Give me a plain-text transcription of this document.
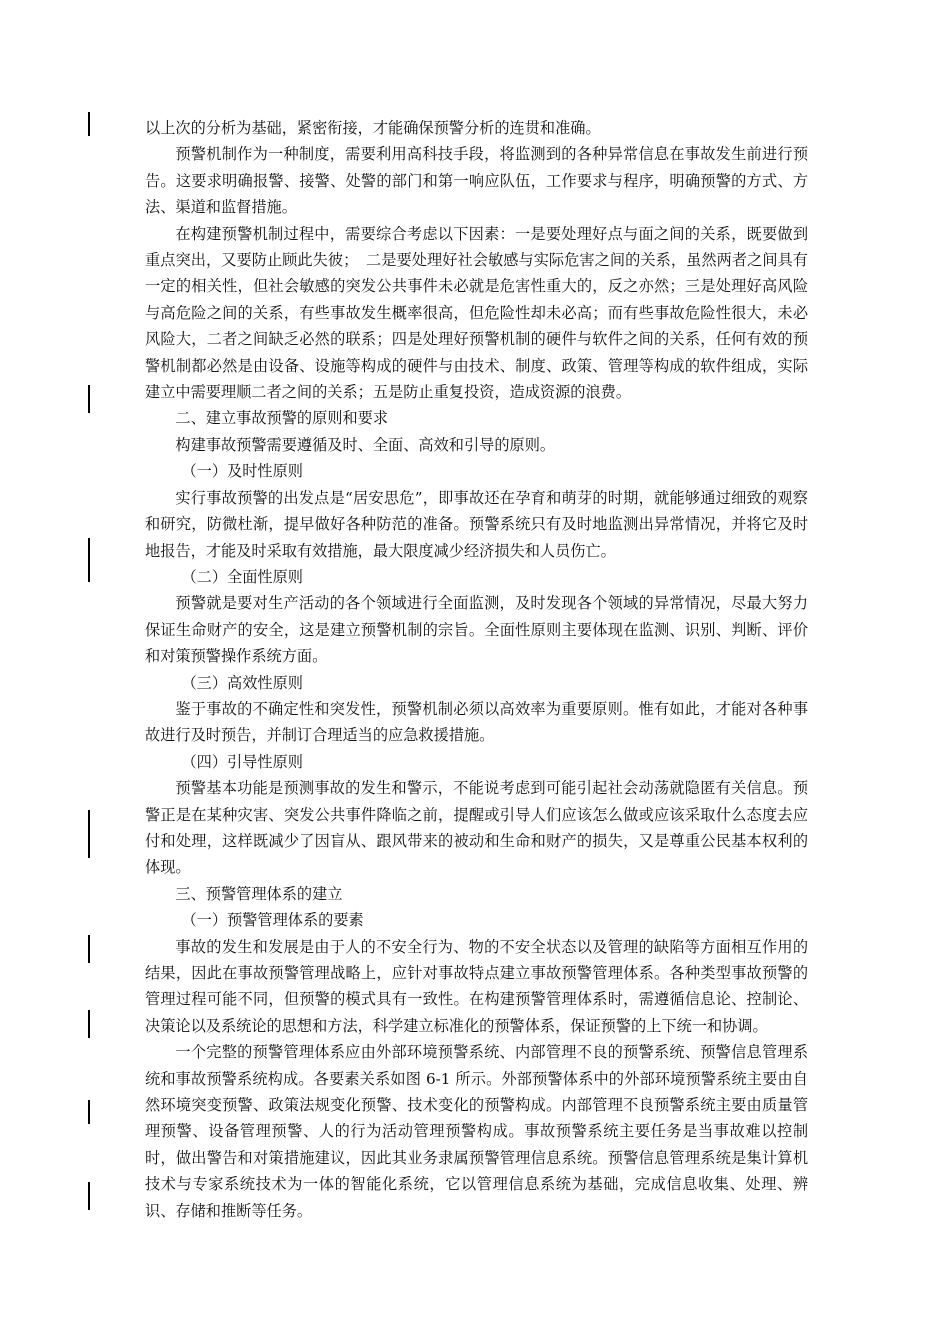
以上次的分析为基础，紧密衔接，才能确保预警分析的连贯和准确。

预警机制作为一种制度，需要利用高科技手段，将监测到的各种异常信息在事故发生前进行预告。这要求明确报警、接警、处警的部门和第一响应队伍，工作要求与程序，明确预警的方式、方法、渠道和监督措施。

在构建预警机制过程中，需要综合考虑以下因素：一是要处理好点与面之间的关系，既要做到重点突出，又要防止顾此失彼；　二是要处理好社会敏感与实际危害之间的关系，虽然两者之间具有一定的相关性，但社会敏感的突发公共事件未必就是危害性重大的，反之亦然；三是处理好高风险与高危险之间的关系，有些事故发生概率很高，但危险性却未必高；而有些事故危险性很大，未必风险大，二者之间缺乏必然的联系；四是处理好预警机制的硬件与软件之间的关系，任何有效的预警机制都必然是由设备、设施等构成的硬件与由技术、制度、政策、管理等构成的软件组成，实际建立中需要理顺二者之间的关系；五是防止重复投资，造成资源的浪费。

二、建立事故预警的原则和要求

构建事故预警需要遵循及时、全面、高效和引导的原则。

（一）及时性原则

实行事故预警的出发点是“居安思危”，即事故还在孕育和萌芽的时期，就能够通过细致的观察和研究，防微杜渐，提早做好各种防范的准备。预警系统只有及时地监测出异常情况，并将它及时地报告，才能及时采取有效措施，最大限度减少经济损失和人员伤亡。

（二）全面性原则

预警就是要对生产活动的各个领域进行全面监测，及时发现各个领域的异常情况，尽最大努力保证生命财产的安全，这是建立预警机制的宗旨。全面性原则主要体现在监测、识别、判断、评价和对策预警操作系统方面。

（三）高效性原则

鉴于事故的不确定性和突发性，预警机制必须以高效率为重要原则。惟有如此，才能对各种事故进行及时预告，并制订合理适当的应急救援措施。

（四）引导性原则

预警基本功能是预测事故的发生和警示，不能说考虑到可能引起社会动荡就隐匿有关信息。预警正是在某种灾害、突发公共事件降临之前，提醒或引导人们应该怎么做或应该采取什么态度去应付和处理，这样既减少了因盲从、跟风带来的被动和生命和财产的损失，又是尊重公民基本权利的体现。

三、预警管理体系的建立

（一）预警管理体系的要素

事故的发生和发展是由于人的不安全行为、物的不安全状态以及管理的缺陷等方面相互作用的结果，因此在事故预警管理战略上，应针对事故特点建立事故预警管理体系。各种类型事故预警的管理过程可能不同，但预警的模式具有一致性。在构建预警管理体系时，需遵循信息论、控制论、决策论以及系统论的思想和方法，科学建立标准化的预警体系，保证预警的上下统一和协调。

一个完整的预警管理体系应由外部环境预警系统、内部管理不良的预警系统、预警信息管理系统和事故预警系统构成。各要素关系如图 6-1 所示。外部预警体系中的外部环境预警系统主要由自然环境突变预警、政策法规变化预警、技术变化的预警构成。内部管理不良预警系统主要由质量管理预警、设备管理预警、人的行为活动管理预警构成。事故预警系统主要任务是当事故难以控制时，做出警告和对策措施建议，因此其业务隶属预警管理信息系统。预警信息管理系统是集计算机技术与专家系统技术为一体的智能化系统，它以管理信息系统为基础，完成信息收集、处理、辨识、存储和推断等任务。
